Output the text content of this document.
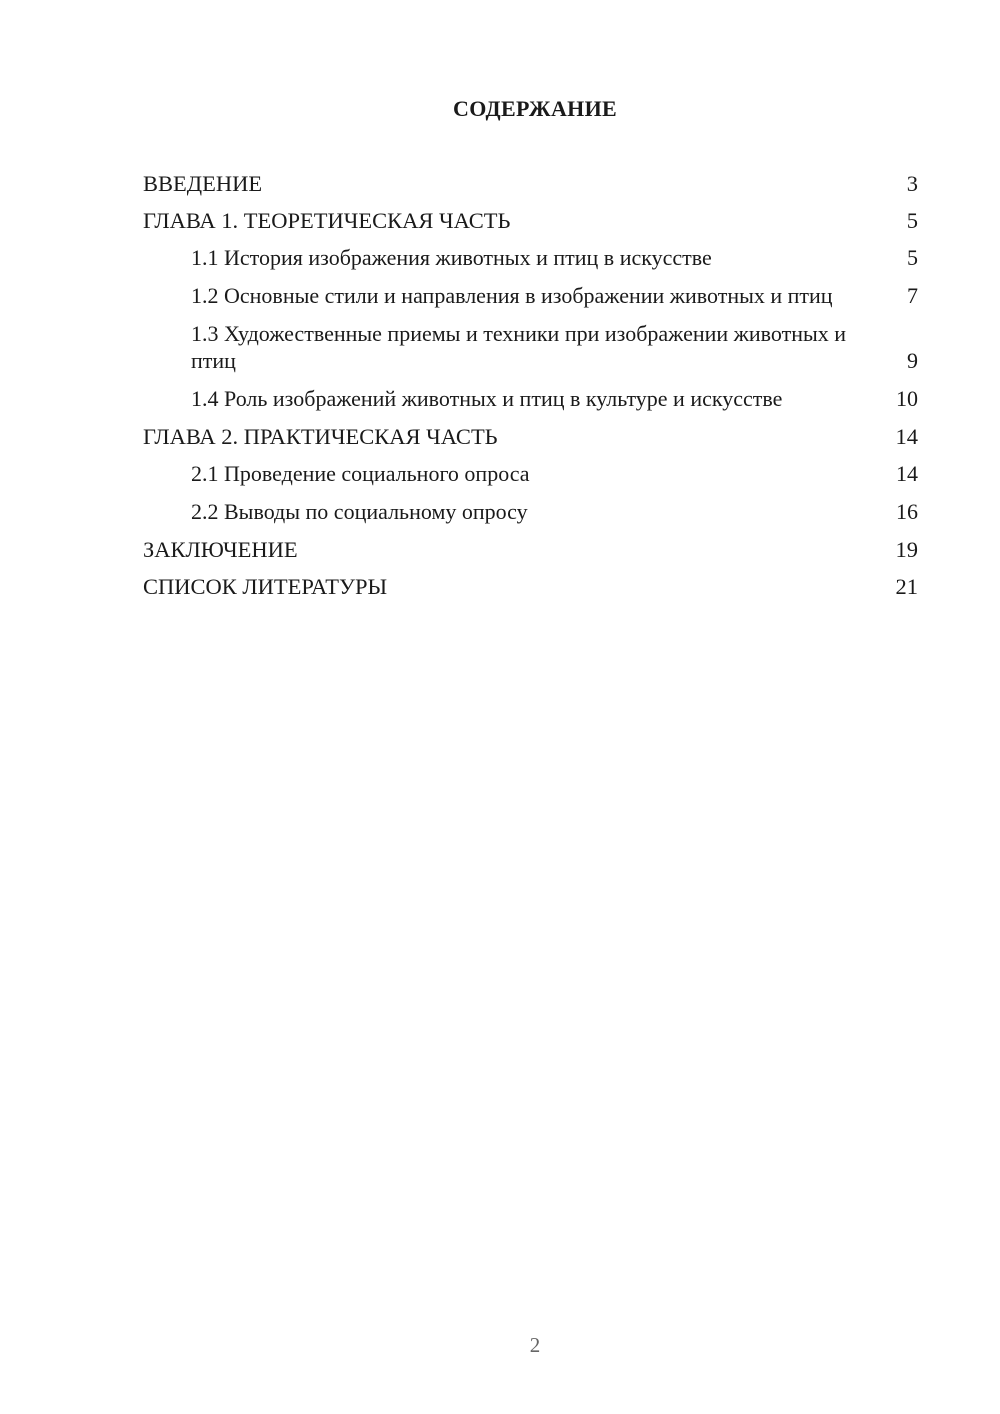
СОДЕРЖАНИЕ
ВВЕДЕНИЕ	3
ГЛАВА 1. ТЕОРЕТИЧЕСКАЯ ЧАСТЬ	5
1.1 История изображения животных и птиц в искусстве	5
1.2 Основные стили и направления в изображении животных и птиц	7
1.3 Художественные приемы и техники при изображении животных и птиц	9
1.4 Роль изображений животных и птиц в культуре и искусстве	10
ГЛАВА 2. ПРАКТИЧЕСКАЯ ЧАСТЬ	14
2.1 Проведение социального опроса	14
2.2 Выводы по социальному опросу	16
ЗАКЛЮЧЕНИЕ	19
СПИСОК ЛИТЕРАТУРЫ	21
2
